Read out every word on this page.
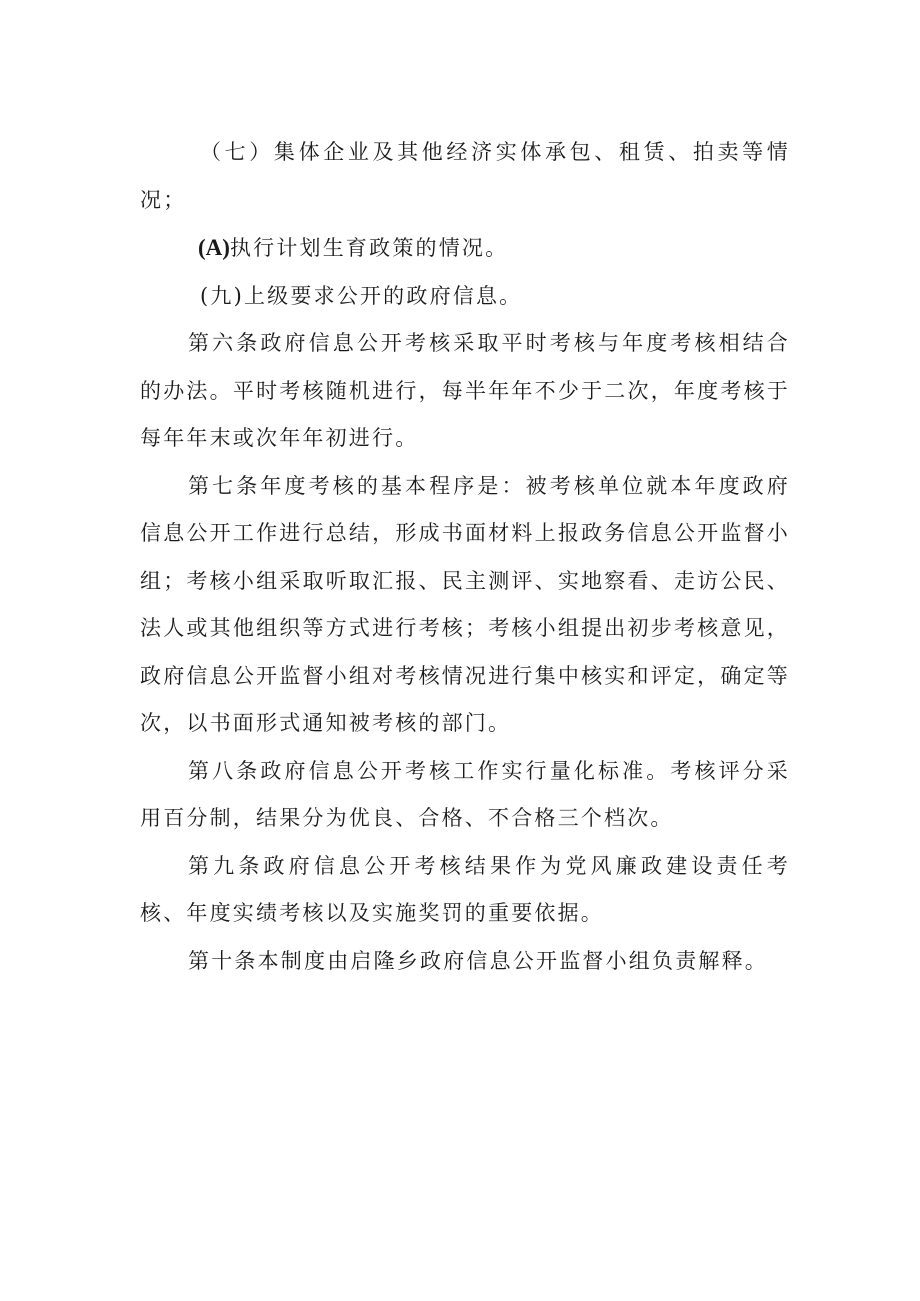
（七）集体企业及其他经济实体承包、租赁、拍卖等情况；

(A)执行计划生育政策的情况。

(九)上级要求公开的政府信息。

第六条政府信息公开考核采取平时考核与年度考核相结合的办法。平时考核随机进行，每半年年不少于二次，年度考核于每年年末或次年年初进行。

第七条年度考核的基本程序是：被考核单位就本年度政府信息公开工作进行总结，形成书面材料上报政务信息公开监督小组；考核小组采取听取汇报、民主测评、实地察看、走访公民、法人或其他组织等方式进行考核；考核小组提出初步考核意见，政府信息公开监督小组对考核情况进行集中核实和评定，确定等次，以书面形式通知被考核的部门。

第八条政府信息公开考核工作实行量化标准。考核评分采用百分制，结果分为优良、合格、不合格三个档次。

第九条政府信息公开考核结果作为党风廉政建设责任考核、年度实绩考核以及实施奖罚的重要依据。

第十条本制度由启隆乡政府信息公开监督小组负责解释。
